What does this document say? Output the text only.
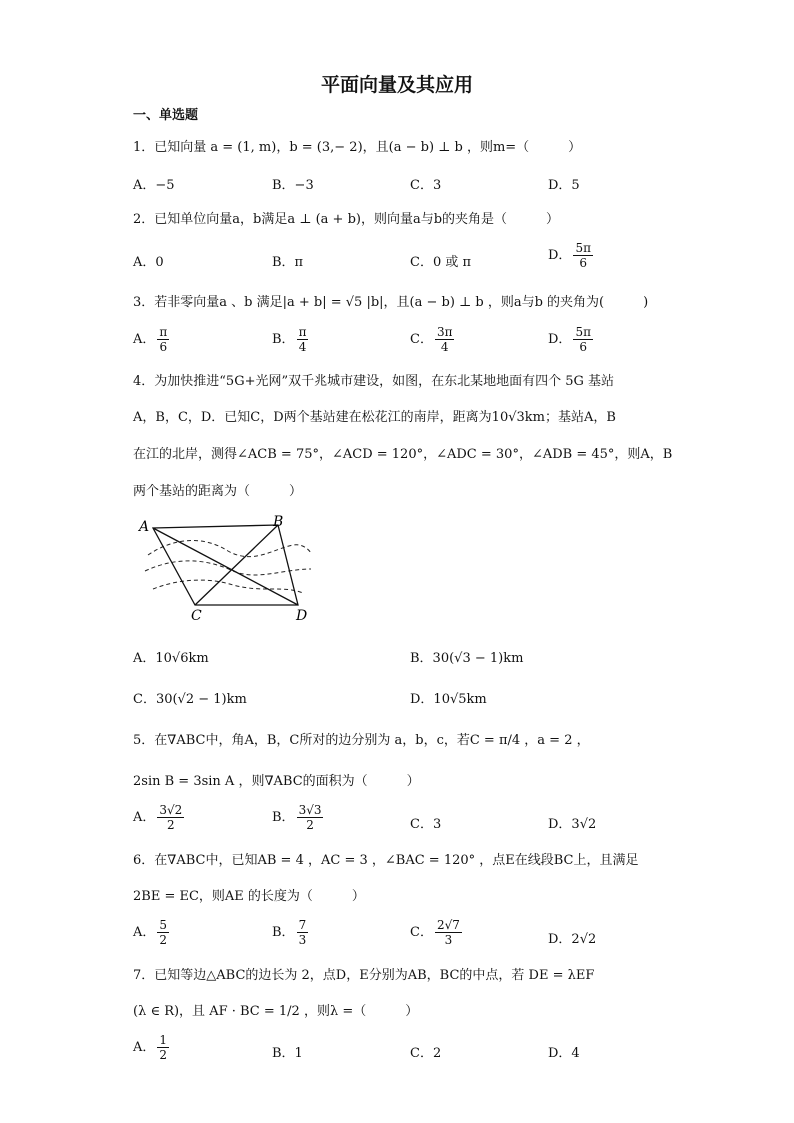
平面向量及其应用
一、单选题
1．已知向量 a = (1, m)，b = (3,− 2)，且(a − b) ⊥ b ，则m=（　　　）
A．−5	B．−3	C．3	D．5
2．已知单位向量a，b满足a ⊥ (a + b)，则向量a与b的夹角是（　　　）
A．0	B．π	C．0 或 π	D． $\frac{5\pi}{6}$
3．若非零向量a 、b 满足|a + b| = √5 |b|，且(a − b) ⊥ b ，则a与b 的夹角为(　　　)
A． $\frac{\pi}{6}$	B． $\frac{\pi}{4}$	C． $\frac{3\pi}{4}$	D． $\frac{5\pi}{6}$
4．为加快推进“5G+光网”双千兆城市建设，如图，在东北某地地面有四个 5G 基站
A，B，C，D．已知C，D两个基站建在松花江的南岸，距离为10√3km；基站A，B
在江的北岸，测得∠ACB = 75°，∠ACD = 120°，∠ADC = 30°，∠ADB = 45°，则A，B
两个基站的距离为（　　　）
A	B
C	D
A．10√6km	B．30(√3 − 1)km
C．30(√2 − 1)km	D．10√5km
5．在∇ABC中，角A，B，C所对的边分别为 a，b，c，若C = π/4 ，a = 2 ，
2sin B = 3sin A ，则∇ABC的面积为（　　　）
A． $\frac{3√2}{2}$	B． $\frac{3√3}{2}$	C．3	D．3√2
6．在∇ABC中，已知AB = 4 ，AC = 3 ，∠BAC = 120° ，点E在线段BC上，且满足
2BE = EC，则AE 的长度为（　　　）
A． $\frac{5}{2}$	B． $\frac{7}{3}$	C． $\frac{2√7}{3}$	D．2√2
7．已知等边△ABC的边长为 2，点D，E分别为AB，BC的中点，若 DE = λEF
(λ ∈ R)，且 AF · BC = 1/2 ，则λ =（　　　）
A． $\frac{1}{2}$	B．1	C．2	D．4
